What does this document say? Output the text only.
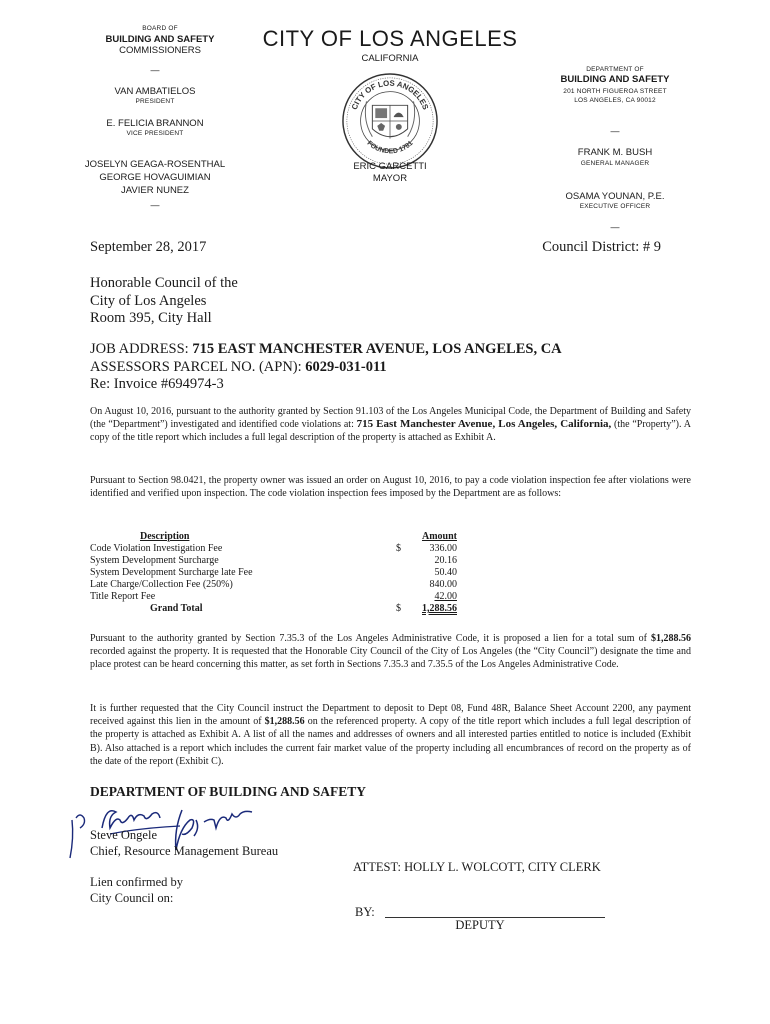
BOARD OF
BUILDING AND SAFETY
COMMISSIONERS
—
VAN AMBATIELOS
PRESIDENT
E. FELICIA BRANNON
VICE PRESIDENT
JOSELYN GEAGA-ROSENTHAL
GEORGE HOVAGUIMIAN
JAVIER NUNEZ
—
CITY OF LOS ANGELES
CALIFORNIA
CITY OF LOS ANGELES
FOUNDED 1781
ERIC GARCETTI
MAYOR
DEPARTMENT OF
BUILDING AND SAFETY
201 NORTH FIGUEROA STREET
LOS ANGELES, CA 90012
—
FRANK M. BUSH
GENERAL MANAGER
OSAMA YOUNAN, P.E.
EXECUTIVE OFFICER
—
September 28, 2017	Council District: # 9
Honorable Council of the
City of Los Angeles
Room 395, City Hall
JOB ADDRESS: 715 EAST MANCHESTER AVENUE, LOS ANGELES, CA
ASSESSORS PARCEL NO. (APN): 6029-031-011
Re: Invoice #694974-3
On August 10, 2016, pursuant to the authority granted by Section 91.103 of the Los Angeles Municipal Code, the Department of Building and Safety (the “Department”) investigated and identified code violations at: 715 East Manchester Avenue, Los Angeles, California, (the “Property”). A copy of the title report which includes a full legal description of the property is attached as Exhibit A.
Pursuant to Section 98.0421, the property owner was issued an order on August 10, 2016, to pay a code violation inspection fee after violations were identified and verified upon inspection. The code violation inspection fees imposed by the Department are as follows:
Description	Amount
Code Violation Investigation Fee	$	336.00
System Development Surcharge	20.16
System Development Surcharge late Fee	50.40
Late Charge/Collection Fee (250%)	840.00
Title Report Fee	42.00
Grand Total	$	1,288.56
Pursuant to the authority granted by Section 7.35.3 of the Los Angeles Administrative Code, it is proposed a lien for a total sum of $1,288.56 recorded against the property. It is requested that the Honorable City Council of the City of Los Angeles (the “City Council”) designate the time and place protest can be heard concerning this matter, as set forth in Sections 7.35.3 and 7.35.5 of the Los Angeles Administrative Code.
It is further requested that the City Council instruct the Department to deposit to Dept 08, Fund 48R, Balance Sheet Account 2200, any payment received against this lien in the amount of $1,288.56 on the referenced property. A copy of the title report which includes a full legal description of the property is attached as Exhibit A. A list of all the names and addresses of owners and all interested parties entitled to notice is included (Exhibit B). Also attached is a report which includes the current fair market value of the property including all encumbrances of record on the property as of the date of the report (Exhibit C).
DEPARTMENT OF BUILDING AND SAFETY
Steve Ongele
Chief, Resource Management Bureau
ATTEST: HOLLY L. WOLCOTT, CITY CLERK
Lien confirmed by
City Council on:
BY:
DEPUTY
